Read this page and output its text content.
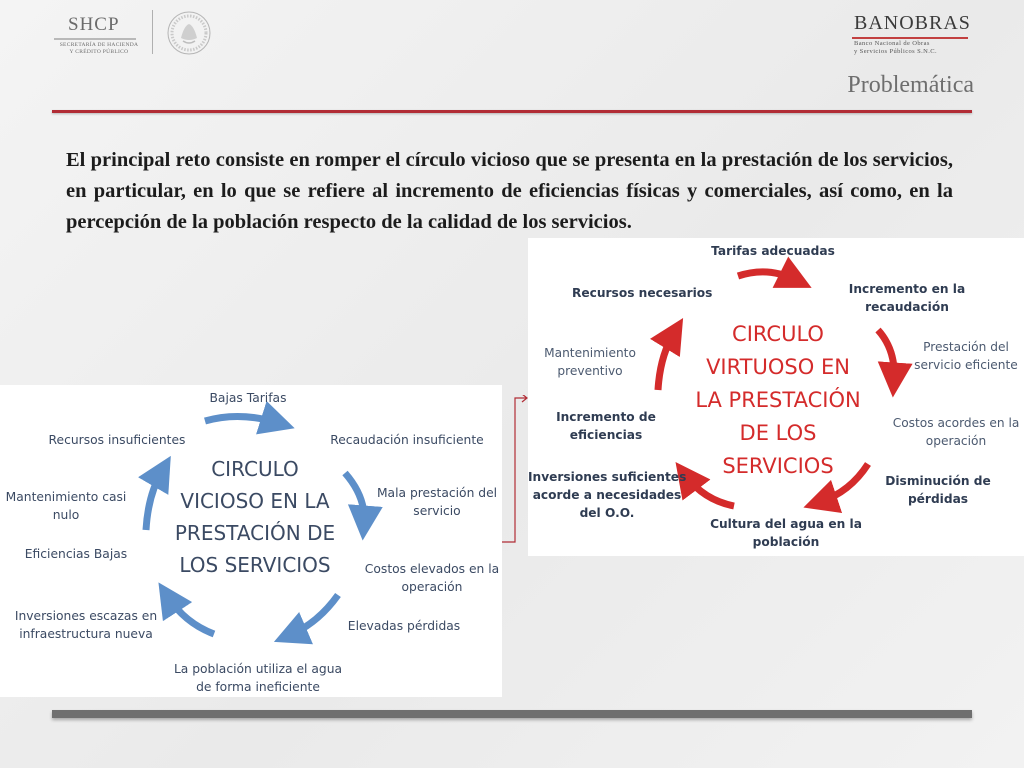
SHCP
SECRETARÍA DE HACIENDA
Y CRÉDITO PÚBLICO
BANOBRAS
Banco Nacional de Obras
y Servicios Públicos S.N.C.
Problemática

El principal reto consiste en romper el círculo vicioso que se presenta en la prestación de los servicios, en particular, en lo que se refiere al incremento de eficiencias físicas y comerciales, así como, en la percepción de la población respecto de la calidad de los servicios.

Bajas Tarifas
Recaudación insuficiente
Mala prestación del
servicio
Costos elevados en la
operación
Elevadas pérdidas
La población utiliza el agua
de forma ineficiente
Inversiones escazas en
infraestructura nueva
Eficiencias Bajas
Mantenimiento casi
nulo
Recursos insuficientes
CIRCULO
VICIOSO EN LA
PRESTACIÓN DE
LOS SERVICIOS
Tarifas adecuadas
Incremento en la
recaudación
Prestación del
servicio eficiente
Costos acordes en la
operación
Disminución de
pérdidas
Cultura del agua en la
población
Inversiones suficientes
acorde a necesidades
del O.O.
Incremento de
eficiencias
Mantenimiento
preventivo
Recursos necesarios
CIRCULO
VIRTUOSO EN
LA PRESTACIÓN
DE LOS
SERVICIOS
